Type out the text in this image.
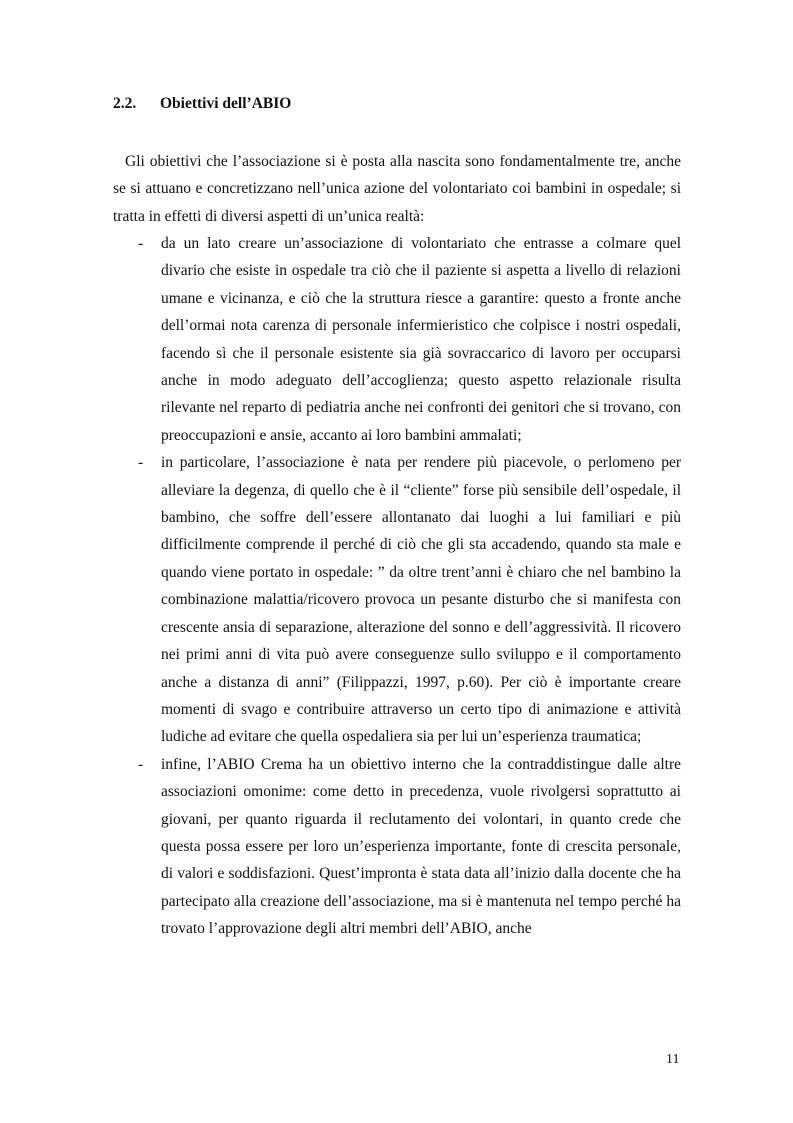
2.2. Obiettivi dell’ABIO

Gli obiettivi che l’associazione si è posta alla nascita sono fondamentalmente tre, anche se si attuano e concretizzano nell’unica azione del volontariato coi bambini in ospedale; si tratta in effetti di diversi aspetti di un’unica realtà:

- da un lato creare un’associazione di volontariato che entrasse a colmare quel divario che esiste in ospedale tra ciò che il paziente si aspetta a livello di relazioni umane e vicinanza, e ciò che la struttura riesce a garantire: questo a fronte anche dell’ormai nota carenza di personale infermieristico che colpisce i nostri ospedali, facendo sì che il personale esistente sia già sovraccarico di lavoro per occuparsi anche in modo adeguato dell’accoglienza; questo aspetto relazionale risulta rilevante nel reparto di pediatria anche nei confronti dei genitori che si trovano, con preoccupazioni e ansie, accanto ai loro bambini ammalati;
- in particolare, l’associazione è nata per rendere più piacevole, o perlomeno per alleviare la degenza, di quello che è il “cliente” forse più sensibile dell’ospedale, il bambino, che soffre dell’essere allontanato dai luoghi a lui familiari e più difficilmente comprende il perché di ciò che gli sta accadendo, quando sta male e quando viene portato in ospedale: ” da oltre trent’anni è chiaro che nel bambino la combinazione malattia/ricovero provoca un pesante disturbo che si manifesta con crescente ansia di separazione, alterazione del sonno e dell’aggressività. Il ricovero nei primi anni di vita può avere conseguenze sullo sviluppo e il comportamento anche a distanza di anni” (Filippazzi, 1997, p.60). Per ciò è importante creare momenti di svago e contribuire attraverso un certo tipo di animazione e attività ludiche ad evitare che quella ospedaliera sia per lui un’esperienza traumatica;
- infine, l’ABIO Crema ha un obiettivo interno che la contraddistingue dalle altre associazioni omonime: come detto in precedenza, vuole rivolgersi soprattutto ai giovani, per quanto riguarda il reclutamento dei volontari, in quanto crede che questa possa essere per loro un’esperienza importante, fonte di crescita personale, di valori e soddisfazioni. Quest’impronta è stata data all’inizio dalla docente che ha partecipato alla creazione dell’associazione, ma si è mantenuta nel tempo perché ha trovato l’approvazione degli altri membri dell’ABIO, anche
11
